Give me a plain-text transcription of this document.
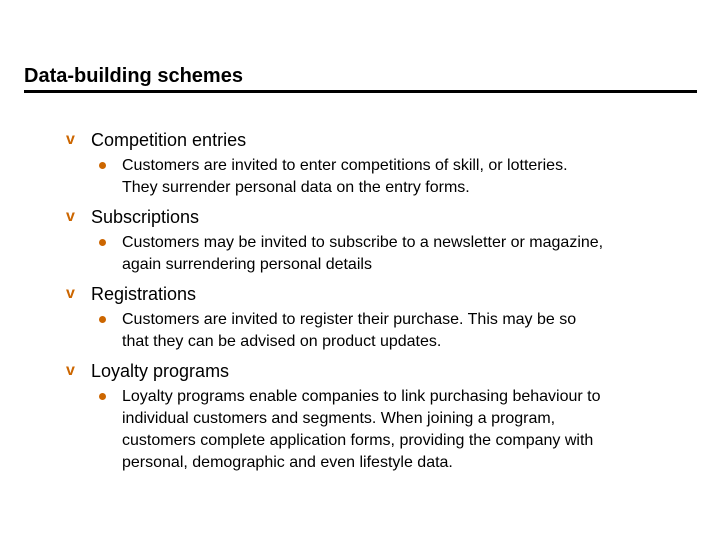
Data-building schemes
v Competition entries
Customers are invited to enter competitions of skill, or lotteries.
They surrender personal data on the entry forms.
v Subscriptions
Customers may be invited to subscribe to a newsletter or magazine,
again surrendering personal details
v Registrations
Customers are invited to register their purchase. This may be so
that they can be advised on product updates.
v Loyalty programs
Loyalty programs enable companies to link purchasing behaviour to
individual customers and segments. When joining a program,
customers complete application forms, providing the company with
personal, demographic and even lifestyle data.
